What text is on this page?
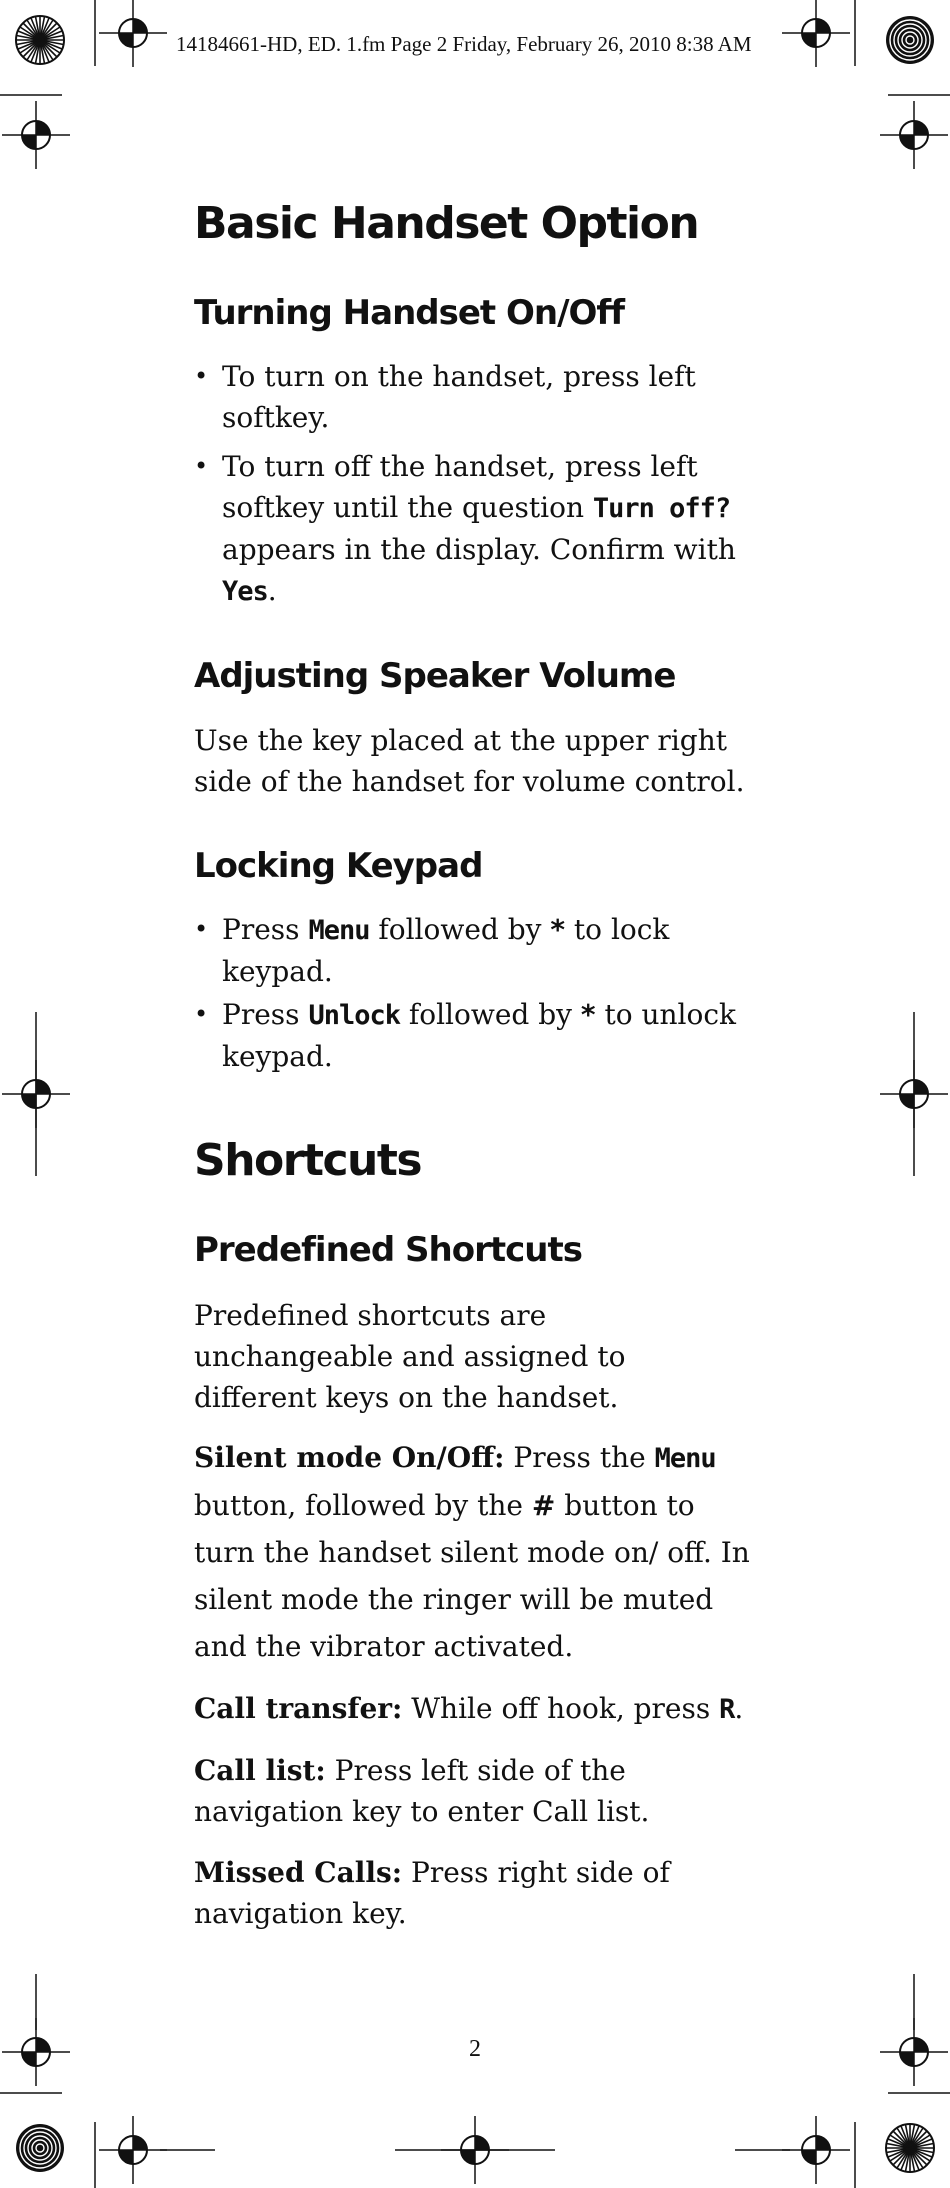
14184661-HD, ED. 1.fm Page 2 Friday, February 26, 2010 8:38 AM
Basic Handset Option
Turning Handset On/Off
• To turn on the handset, press left softkey.
• To turn off the handset, press left softkey until the question Turn off? appears in the display. Confirm with Yes.
Adjusting Speaker Volume

Use the key placed at the upper right side of the handset for volume control.

Locking Keypad
• Press Menu followed by * to lock keypad.
• Press Unlock followed by * to unlock keypad.
Shortcuts
Predefined Shortcuts

Predefined shortcuts are unchangeable and assigned to different keys on the handset.

Silent mode On/Off: Press the Menu button, followed by the # button to turn the handset silent mode on/ off. In silent mode the ringer will be muted and the vibrator activated.

Call transfer: While off hook, press R.

Call list: Press left side of the navigation key to enter Call list.

Missed Calls: Press right side of navigation key.

2
